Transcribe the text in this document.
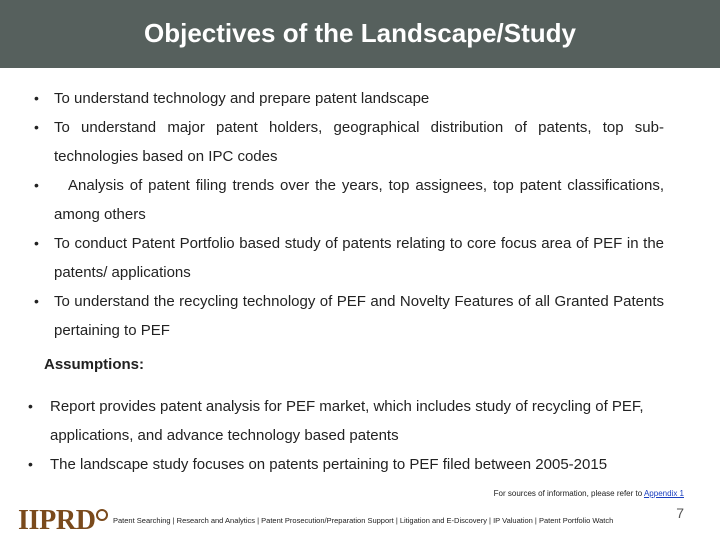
Objectives of the Landscape/Study
• To understand technology and prepare patent landscape
• To understand major patent holders, geographical distribution of patents, top sub-technologies based on IPC codes
• Analysis of patent filing trends over the years, top assignees, top patent classifications, among others
• To conduct Patent Portfolio based study of patents relating to core focus area of PEF in the patents/ applications
• To understand the recycling technology of PEF and Novelty Features of all Granted Patents pertaining to PEF
Assumptions:
• Report provides patent analysis for PEF market, which includes study of recycling of PEF, applications, and advance technology based patents
• The landscape study focuses on patents pertaining to PEF filed between 2005-2015
For sources of information, please refer to Appendix 1
IIPRD Patent Searching | Research and Analytics | Patent Prosecution/Preparation Support | Litigation and E-Discovery | IP Valuation | Patent Portfolio Watch	7
